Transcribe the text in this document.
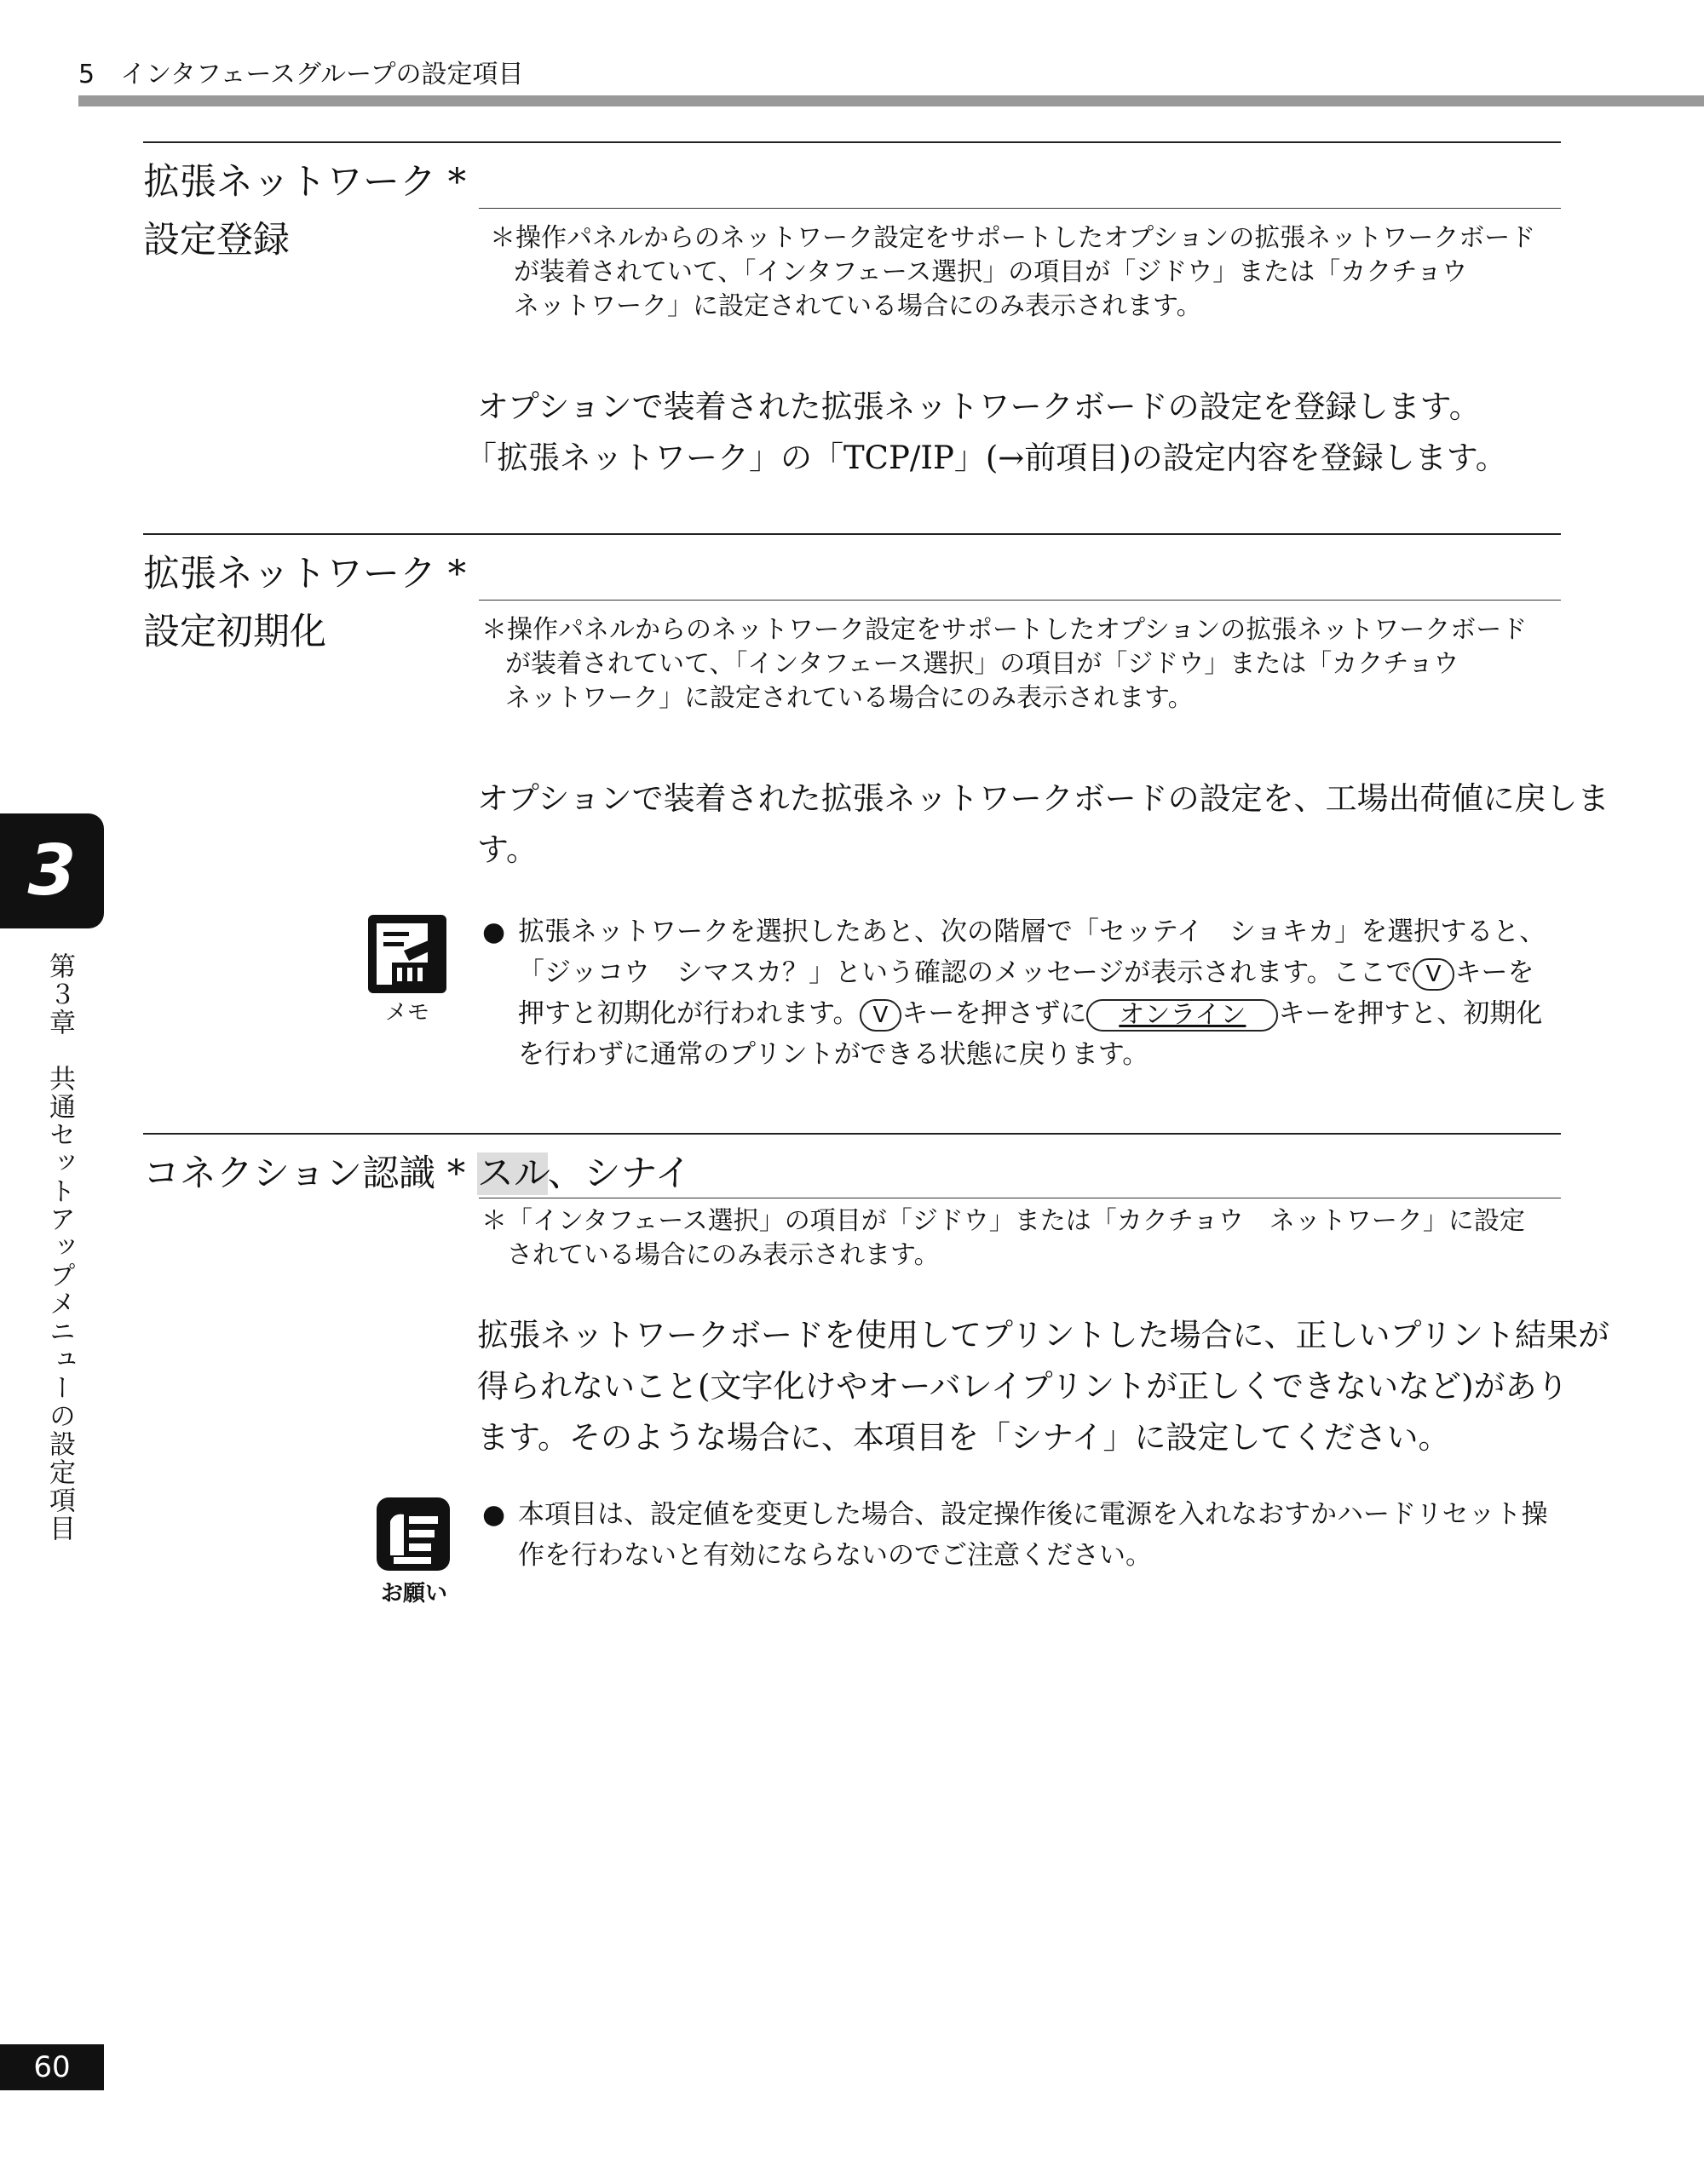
5　インタフェースグループの設定項目
3
第３章　共通セットアップメニューの設定項目
拡張ネットワーク *
設定登録	＊操作パネルからのネットワーク設定をサポートしたオプションの拡張ネットワークボード
が装着されていて、「インタフェース選択」の項目が「ジドウ」または「カクチョウ
ネットワーク」に設定されている場合にのみ表示されます。
オプションで装着された拡張ネットワークボードの設定を登録します。
「拡張ネットワーク」の「TCP/IP」(→前項目)の設定内容を登録します。
拡張ネットワーク *
設定初期化	＊操作パネルからのネットワーク設定をサポートしたオプションの拡張ネットワークボード
が装着されていて、「インタフェース選択」の項目が「ジドウ」または「カクチョウ
ネットワーク」に設定されている場合にのみ表示されます。
オプションで装着された拡張ネットワークボードの設定を、工場出荷値に戻しま
す。
メモ
● 拡張ネットワークを選択したあと、次の階層で「セッテイ　ショキカ」を選択すると、
「ジッコウ　シマスカ？」という確認のメッセージが表示されます。ここで V キーを
押すと初期化が行われます。 V キーを押さずに オンライン キーを押すと、初期化
を行わずに通常のプリントができる状態に戻ります。
コネクション認識 * スル、シナイ
＊「インタフェース選択」の項目が「ジドウ」または「カクチョウ　ネットワーク」に設定
されている場合にのみ表示されます。
拡張ネットワークボードを使用してプリントした場合に、正しいプリント結果が
得られないこと(文字化けやオーバレイプリントが正しくできないなど)があり
ます。そのような場合に、本項目を「シナイ」に設定してください。
お願い
● 本項目は、設定値を変更した場合、設定操作後に電源を入れなおすかハードリセット操
作を行わないと有効にならないのでご注意ください。
60
